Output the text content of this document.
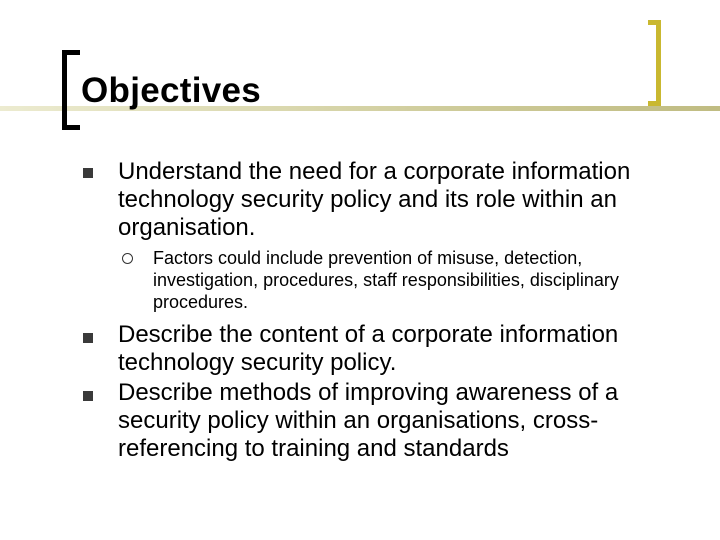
Objectives
Understand the need for a corporate information technology security policy and its role within an organisation.
Factors could include prevention of misuse, detection, investigation, procedures, staff responsibilities, disciplinary procedures.
Describe the content of a corporate information technology security policy.
Describe methods of improving awareness of a security policy within an organisations, cross-referencing to training and standards
